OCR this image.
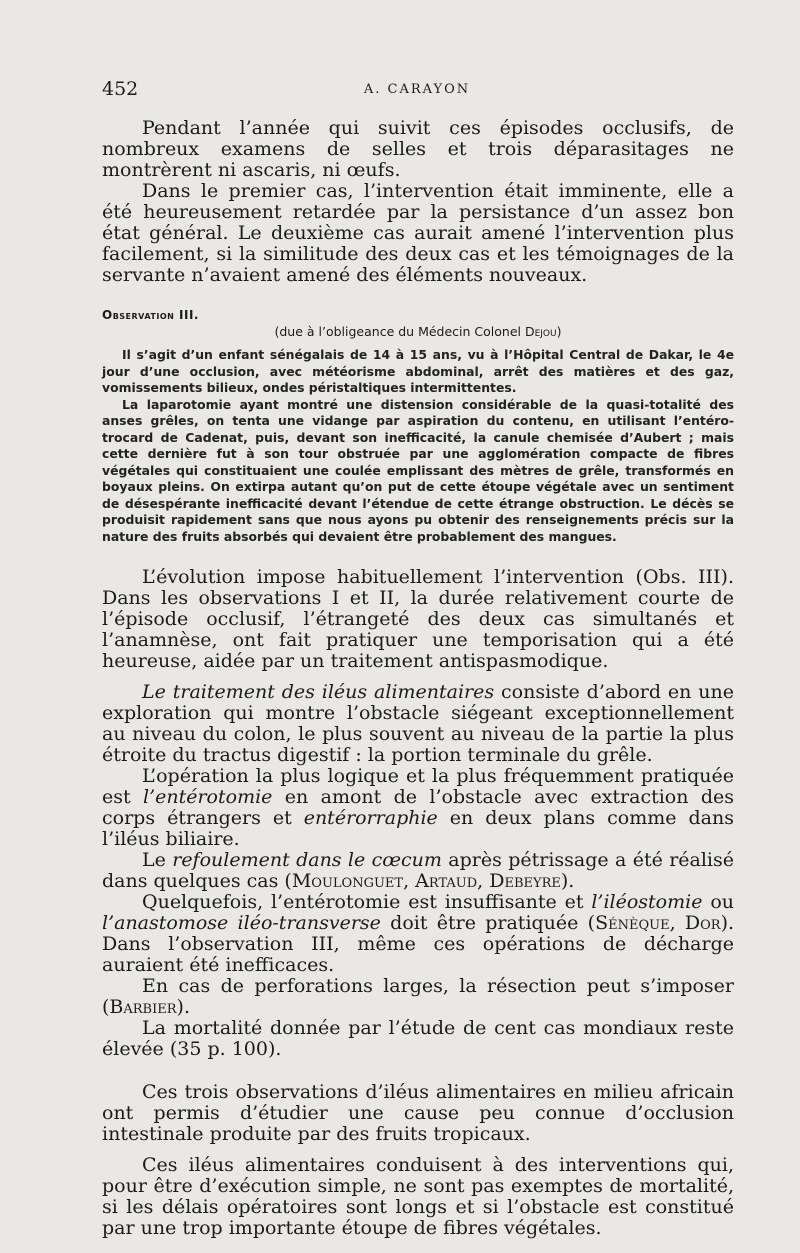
452	A. CARAYON

Pendant l’année qui suivit ces épisodes occlusifs, de nombreux examens de selles et trois déparasitages ne montrèrent ni ascaris, ni œufs.

Dans le premier cas, l’intervention était imminente, elle a été heureusement retardée par la persistance d’un assez bon état général. Le deuxième cas aurait amené l’intervention plus facilement, si la similitude des deux cas et les témoignages de la servante n’avaient amené des éléments nouveaux.

Observation III.

(due à l’obligeance du Médecin Colonel Dejou)

Il s’agit d’un enfant sénégalais de 14 à 15 ans, vu à l’Hôpital Central de Dakar, le 4e jour d’une occlusion, avec météorisme abdominal, arrêt des matières et des gaz, vomissements bilieux, ondes péristaltiques intermittentes.

La laparotomie ayant montré une distension considérable de la quasi-totalité des anses grêles, on tenta une vidange par aspiration du contenu, en utilisant l’entéro-trocard de Cadenat, puis, devant son inefficacité, la canule chemisée d’Aubert ; mais cette dernière fut à son tour obstruée par une agglomération compacte de fibres végétales qui constituaient une coulée emplissant des mètres de grêle, transformés en boyaux pleins. On extirpa autant qu’on put de cette étoupe végétale avec un sentiment de désespérante inefficacité devant l’étendue de cette étrange obstruction. Le décès se produisit rapidement sans que nous ayons pu obtenir des renseignements précis sur la nature des fruits absorbés qui devaient être probablement des mangues.

L’évolution impose habituellement l’intervention (Obs. III). Dans les observations I et II, la durée relativement courte de l’épisode occlusif, l’étrangeté des deux cas simultanés et l’anamnèse, ont fait pratiquer une temporisation qui a été heureuse, aidée par un traitement antispasmodique.

Le traitement des iléus alimentaires consiste d’abord en une exploration qui montre l’obstacle siégeant exceptionnellement au niveau du colon, le plus souvent au niveau de la partie la plus étroite du tractus digestif : la portion terminale du grêle.

L’opération la plus logique et la plus fréquemment pratiquée est l’entérotomie en amont de l’obstacle avec extraction des corps étrangers et entérorraphie en deux plans comme dans l’iléus biliaire.

Le refoulement dans le cœcum après pétrissage a été réalisé dans quelques cas (Moulonguet, Artaud, Debeyre).

Quelquefois, l’entérotomie est insuffisante et l’iléostomie ou l’anastomose iléo-transverse doit être pratiquée (Sénèque, Dor). Dans l’observation III, même ces opérations de décharge auraient été inefficaces.

En cas de perforations larges, la résection peut s’imposer (Barbier).

La mortalité donnée par l’étude de cent cas mondiaux reste élevée (35 p. 100).

Ces trois observations d’iléus alimentaires en milieu africain ont permis d’étudier une cause peu connue d’occlusion intestinale produite par des fruits tropicaux.

Ces iléus alimentaires conduisent à des interventions qui, pour être d’exécution simple, ne sont pas exemptes de mortalité, si les délais opératoires sont longs et si l’obstacle est constitué par une trop importante étoupe de fibres végétales.
